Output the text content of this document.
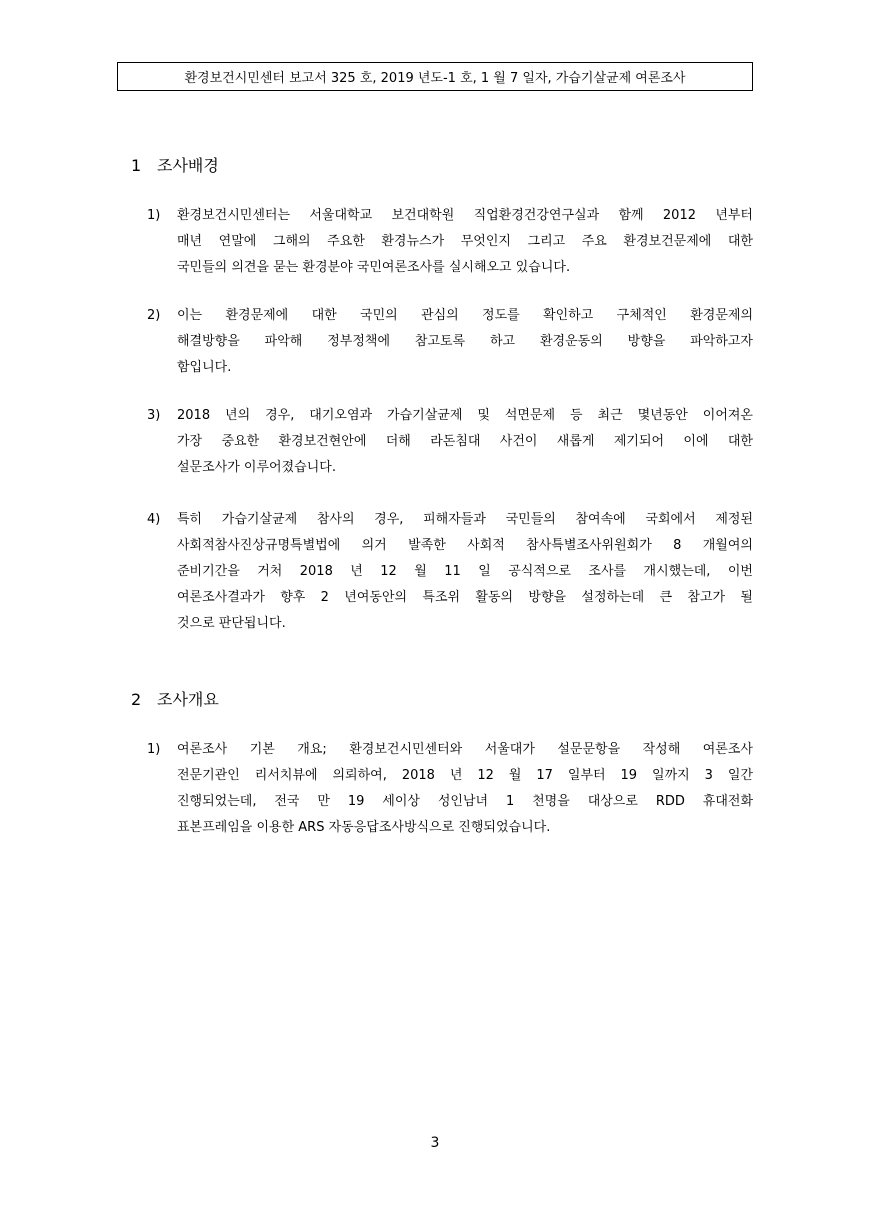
환경보건시민센터 보고서 325 호, 2019 년도-1 호, 1 월 7 일자, 가습기살균제 여론조사
1 조사배경
1) 환경보건시민센터는 서울대학교 보건대학원 직업환경건강연구실과 함께 2012 년부터
매년 연말에 그해의 주요한 환경뉴스가 무엇인지 그리고 주요 환경보건문제에 대한
국민들의 의견을 묻는 환경분야 국민여론조사를 실시해오고 있습니다.
2) 이는 환경문제에 대한 국민의 관심의 정도를 확인하고 구체적인 환경문제의
해결방향을 파악해 정부정책에 참고토록 하고 환경운동의 방향을 파악하고자
함입니다.
3) 2018 년의 경우, 대기오염과 가습기살균제 및 석면문제 등 최근 몇년동안 이어져온
가장 중요한 환경보건현안에 더해 라돈침대 사건이 새롭게 제기되어 이에 대한
설문조사가 이루어졌습니다.
4) 특히 가습기살균제 참사의 경우, 피해자들과 국민들의 참여속에 국회에서 제정된
사회적참사진상규명특별법에 의거 발족한 사회적 참사특별조사위원회가 8 개월여의
준비기간을 거처 2018 년 12 월 11 일 공식적으로 조사를 개시했는데, 이번
여론조사결과가 향후 2 년여동안의 특조위 활동의 방향을 설정하는데 큰 참고가 될
것으로 판단됩니다.
2 조사개요
1) 여론조사 기본 개요; 환경보건시민센터와 서울대가 설문문항을 작성해 여론조사
전문기관인 리서치뷰에 의뢰하여, 2018 년 12 월 17 일부터 19 일까지 3 일간
진행되었는데, 전국 만 19 세이상 성인남녀 1 천명을 대상으로 RDD 휴대전화
표본프레임을 이용한 ARS 자동응답조사방식으로 진행되었습니다.
3
